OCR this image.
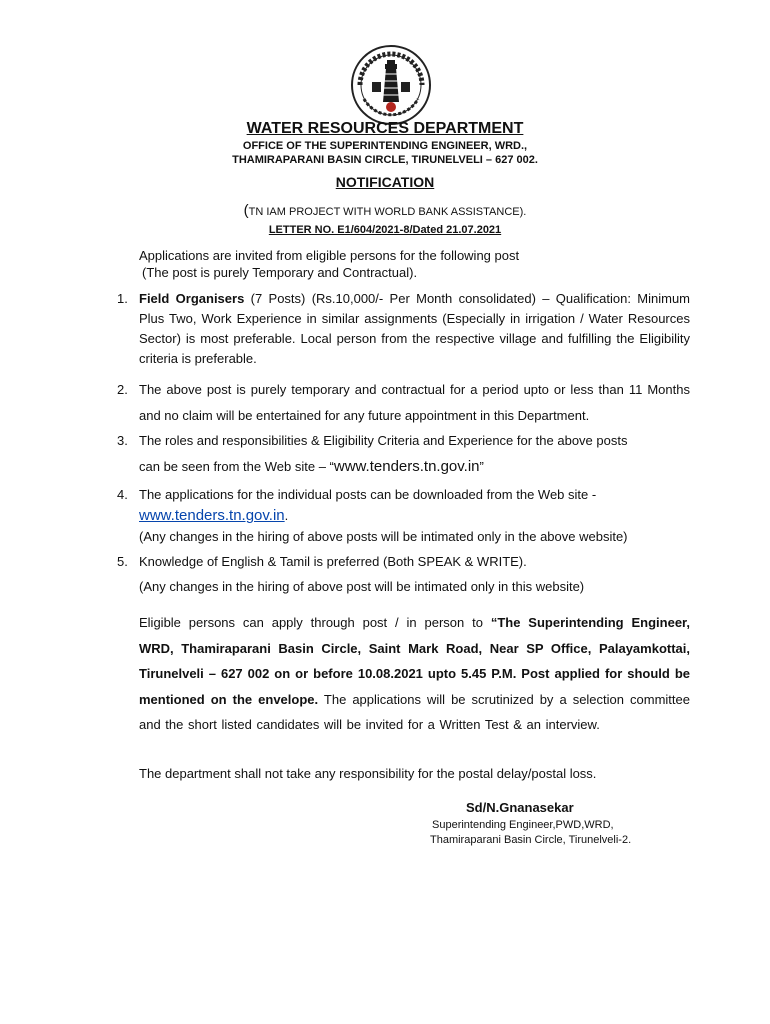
WATER RESOURCES DEPARTMENT
OFFICE OF THE SUPERINTENDING ENGINEER, WRD.,
THAMIRAPARANI BASIN CIRCLE, TIRUNELVELI – 627 002.
NOTIFICATION
(TN IAM PROJECT WITH WORLD BANK ASSISTANCE).
LETTER NO. E1/604/2021-8/Dated 21.07.2021
Applications are invited from eligible persons for the following post
(The post is purely Temporary and Contractual).
1. Field Organisers (7 Posts) (Rs.10,000/- Per Month consolidated) – Qualification: Minimum Plus Two, Work Experience in similar assignments (Especially in irrigation / Water Resources Sector) is most preferable. Local person from the respective village and fulfilling the Eligibility criteria is preferable.
2. The above post is purely temporary and contractual for a period upto or less than 11 Months and no claim will be entertained for any future appointment in this Department.
3. The roles and responsibilities & Eligibility Criteria and Experience for the above posts
can be seen from the Web site – “www.tenders.tn.gov.in”
4. The applications for the individual posts can be downloaded from the Web site -
www.tenders.tn.gov.in.
(Any changes in the hiring of above posts will be intimated only in the above website)
5. Knowledge of English & Tamil is preferred (Both SPEAK & WRITE).
(Any changes in the hiring of above post will be intimated only in this website)
Eligible persons can apply through post / in person to “The Superintending Engineer, WRD, Thamiraparani Basin Circle, Saint Mark Road, Near SP Office, Palayamkottai, Tirunelveli – 627 002 on or before 10.08.2021 upto 5.45 P.M. Post applied for should be mentioned on the envelope. The applications will be scrutinized by a selection committee and the short listed candidates will be invited for a Written Test & an interview.
The department shall not take any responsibility for the postal delay/postal loss.
Sd/N.Gnanasekar
Superintending Engineer,PWD,WRD,
Thamiraparani Basin Circle, Tirunelveli-2.
